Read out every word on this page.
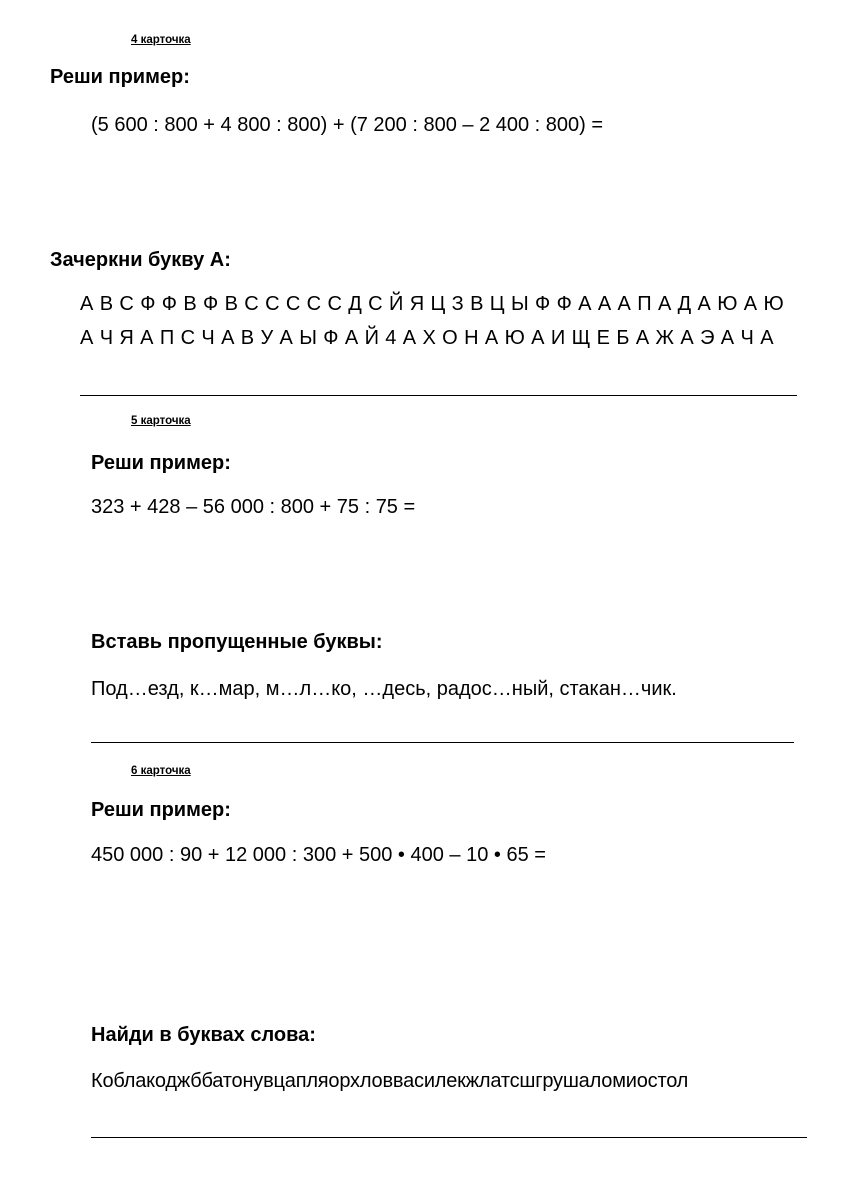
4 карточка
Реши пример:
(5 600 : 800 + 4 800 : 800) + (7 200 : 800 – 2 400 : 800) =
Зачеркни букву А:
А В С Ф Ф В Ф В С С С С С Д С Й Я Ц З В Ц Ы Ф Ф А А А П А Д А Ю А Ю
А Ч Я А П С Ч А В У А Ы Ф А Й 4 А Х О Н А Ю А И Щ Е Б А Ж А Э А Ч А
5 карточка
Реши пример:
323 + 428 – 56 000 : 800 + 75 : 75 =
Вставь пропущенные буквы:
Под…езд, к…мар, м…л…ко, …десь, радос…ный, стакан…чик.
6 карточка
Реши пример:
450 000 : 90 + 12 000 : 300 + 500 • 400 – 10 • 65 =
Найди в буквах слова:
Коблакоджббатонувцапляорхловвасилекжлатсшгрушаломиостол
